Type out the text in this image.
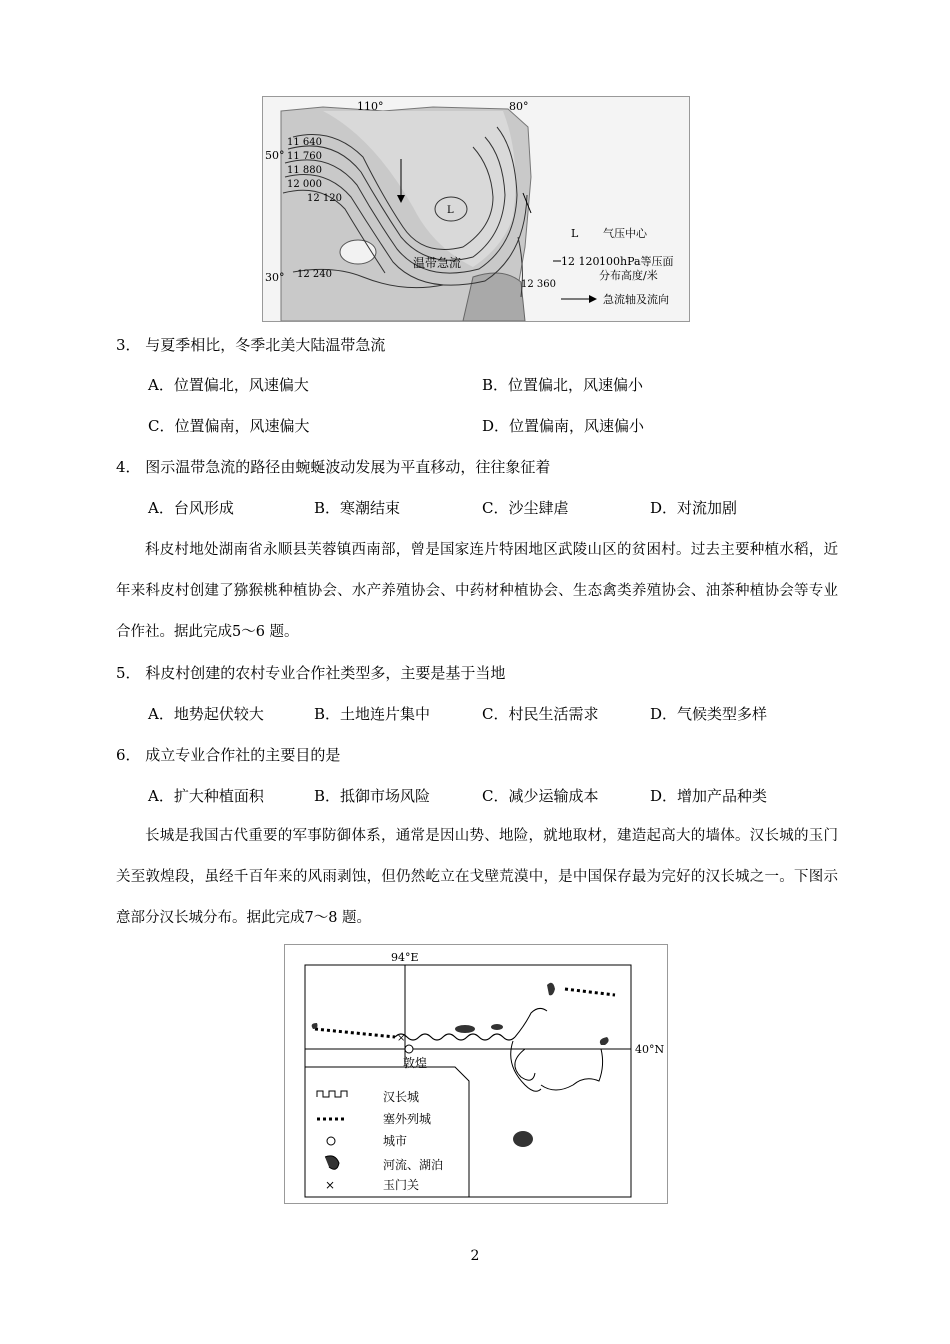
110°	80°
50°
30°
11 640
11 760
11 880
12 000
12 120
12 240
12 360
L
温带急流
L 气压中心
12 120 100hPa等压面
分布高度/米
急流轴及流向
3． 与夏季相比，冬季北美大陆温带急流
A．位置偏北，风速偏大	B．位置偏北，风速偏小
C．位置偏南，风速偏大	D．位置偏南，风速偏小
4． 图示温带急流的路径由蜿蜒波动发展为平直移动，往往象征着
A．台风形成	B．寒潮结束	C．沙尘肆虐	D．对流加剧
科皮村地处湖南省永顺县芙蓉镇西南部，曾是国家连片特困地区武陵山区的贫困村。过去主要种植水稻，近年来科皮村创建了猕猴桃种植协会、水产养殖协会、中药材种植协会、生态禽类养殖协会、油茶种植协会等专业合作社。据此完成5～6 题。
5． 科皮村创建的农村专业合作社类型多，主要是基于当地
A．地势起伏较大	B．土地连片集中	C．村民生活需求	D．气候类型多样
6． 成立专业合作社的主要目的是
A．扩大种植面积	B．抵御市场风险	C．减少运输成本	D．增加产品种类
长城是我国古代重要的军事防御体系，通常是因山势、地险，就地取材，建造起高大的墙体。汉长城的玉门关至敦煌段，虽经千百年来的风雨剥蚀，但仍然屹立在戈壁荒漠中，是中国保存最为完好的汉长城之一。下图示意部分汉长城分布。据此完成7～8 题。
×
94°E
40°N
敦煌
汉长城
塞外列城
城市
河流、湖泊
×	玉门关
2
